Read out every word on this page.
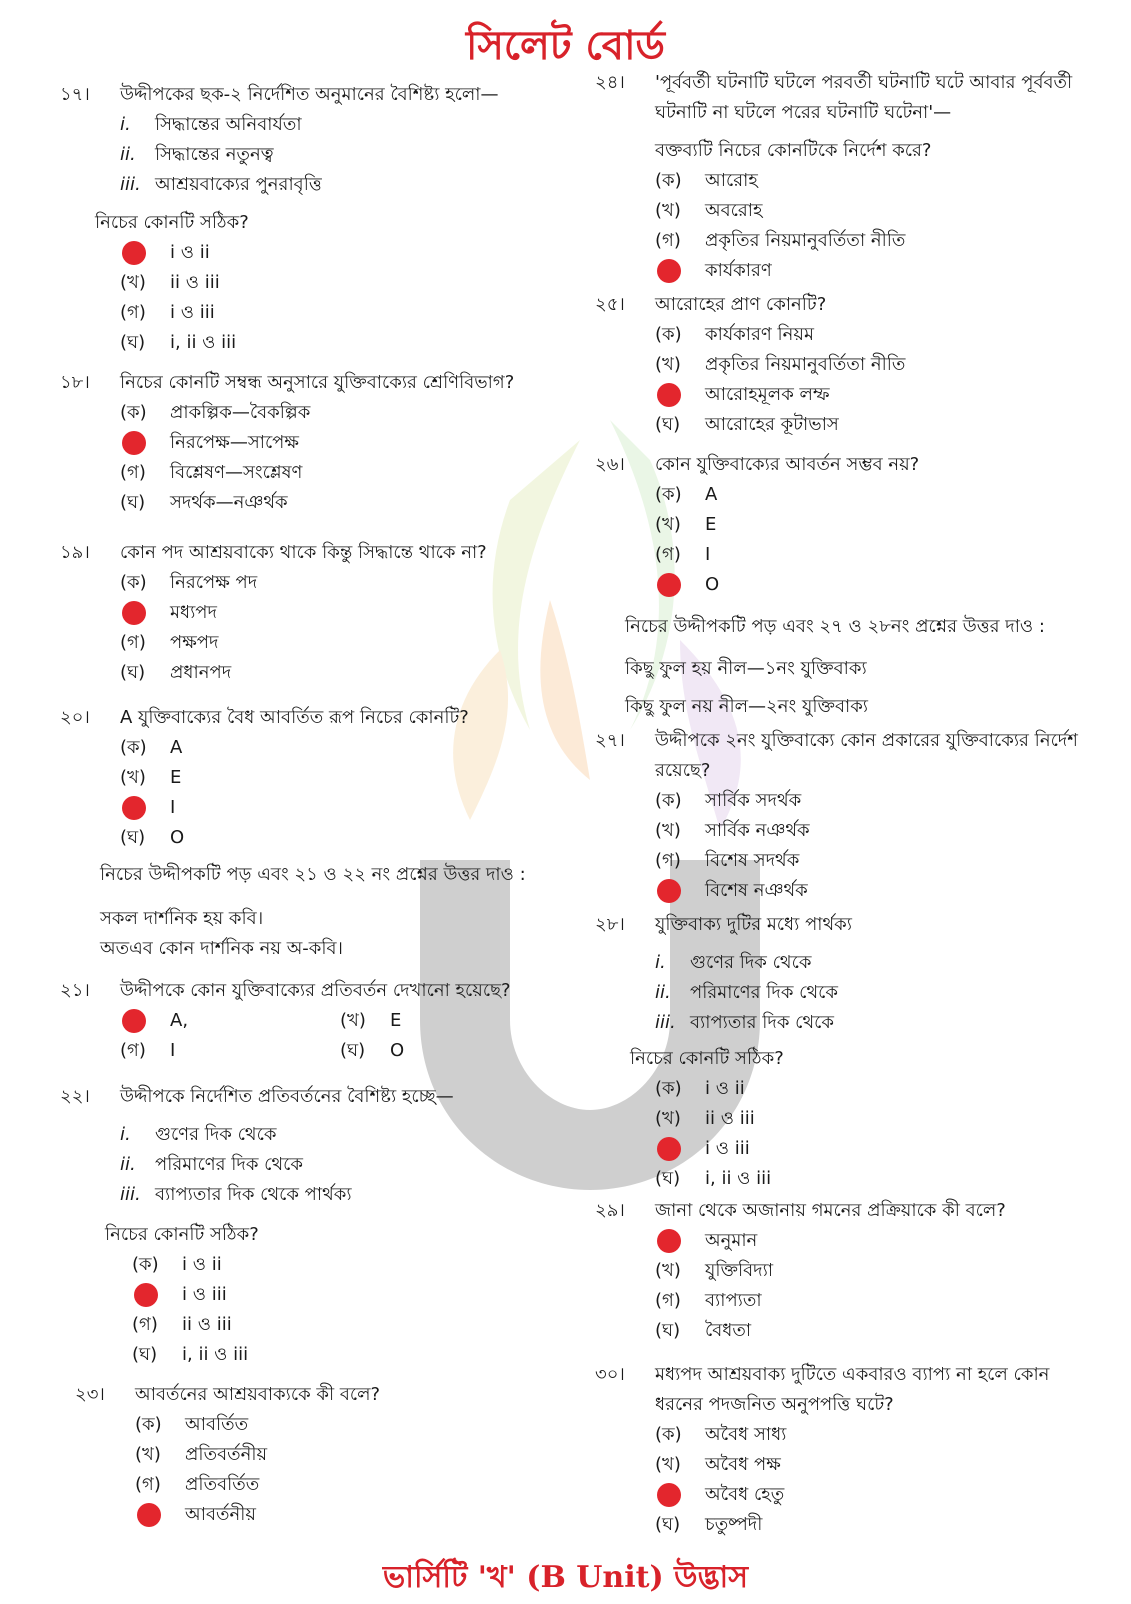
সিলেট বোর্ড
১৭। উদ্দীপকের ছক-২ নির্দেশিত অনুমানের বৈশিষ্ট্য হলো—
i. সিদ্ধান্তের অনিবার্যতা
ii. সিদ্ধান্তের নতুনত্ব
iii. আশ্রয়বাক্যের পুনরাবৃত্তি
নিচের কোনটি সঠিক?
i ও ii
(খ) ii ও iii
(গ) i ও iii
(ঘ) i, ii ও iii
১৮। নিচের কোনটি সম্বন্ধ অনুসারে যুক্তিবাক্যের শ্রেণিবিভাগ?
(ক) প্রাকল্পিক—বৈকল্পিক
নিরপেক্ষ—সাপেক্ষ
(গ) বিশ্লেষণ—সংশ্লেষণ
(ঘ) সদর্থক—নঞর্থক
১৯। কোন পদ আশ্রয়বাক্যে থাকে কিন্তু সিদ্ধান্তে থাকে না?
(ক) নিরপেক্ষ পদ
মধ্যপদ
(গ) পক্ষপদ
(ঘ) প্রধানপদ
২০। A যুক্তিবাক্যের বৈধ আবর্তিত রূপ নিচের কোনটি?
(ক) A
(খ) E
I
(ঘ) O
নিচের উদ্দীপকটি পড় এবং ২১ ও ২২ নং প্রশ্নের উত্তর দাও :
সকল দার্শনিক হয় কবি।
অতএব কোন দার্শনিক নয় অ-কবি।
২১। উদ্দীপকে কোন যুক্তিবাক্যের প্রতিবর্তন দেখানো হয়েছে?
A,	(খ) E
(গ) I	(ঘ) O
২২। উদ্দীপকে নির্দেশিত প্রতিবর্তনের বৈশিষ্ট্য হচ্ছে—
i. গুণের দিক থেকে
ii. পরিমাণের দিক থেকে
iii. ব্যাপ্যতার দিক থেকে পার্থক্য
নিচের কোনটি সঠিক?
(ক) i ও ii
i ও iii
(গ) ii ও iii
(ঘ) i, ii ও iii
২৩। আবর্তনের আশ্রয়বাক্যকে কী বলে?
(ক) আবর্তিত
(খ) প্রতিবর্তনীয়
(গ) প্রতিবর্তিত
আবর্তনীয়
২৪। 'পূর্ববর্তী ঘটনাটি ঘটলে পরবর্তী ঘটনাটি ঘটে আবার পূর্ববর্তী ঘটনাটি না ঘটলে পরের ঘটনাটি ঘটেনা'—
বক্তব্যটি নিচের কোনটিকে নির্দেশ করে?
(ক) আরোহ
(খ) অবরোহ
(গ) প্রকৃতির নিয়মানুবর্তিতা নীতি
কার্যকারণ
২৫। আরোহের প্রাণ কোনটি?
(ক) কার্যকারণ নিয়ম
(খ) প্রকৃতির নিয়মানুবর্তিতা নীতি
আরোহমূলক লম্ফ
(ঘ) আরোহের কূটাভাস
২৬। কোন যুক্তিবাক্যের আবর্তন সম্ভব নয়?
(ক) A
(খ) E
(গ) I
O
নিচের উদ্দীপকটি পড় এবং ২৭ ও ২৮নং প্রশ্নের উত্তর দাও :
কিছু ফুল হয় নীল—১নং যুক্তিবাক্য
কিছু ফুল নয় নীল—২নং যুক্তিবাক্য
২৭। উদ্দীপকে ২নং যুক্তিবাক্যে কোন প্রকারের যুক্তিবাক্যের নির্দেশ রয়েছে?
(ক) সার্বিক সদর্থক
(খ) সার্বিক নঞর্থক
(গ) বিশেষ সদর্থক
বিশেষ নঞর্থক
২৮। যুক্তিবাক্য দুটির মধ্যে পার্থক্য
i. গুণের দিক থেকে
ii. পরিমাণের দিক থেকে
iii. ব্যাপ্যতার দিক থেকে
নিচের কোনটি সঠিক?
(ক) i ও ii
(খ) ii ও iii
i ও iii
(ঘ) i, ii ও iii
২৯। জানা থেকে অজানায় গমনের প্রক্রিয়াকে কী বলে?
অনুমান
(খ) যুক্তিবিদ্যা
(গ) ব্যাপ্যতা
(ঘ) বৈধতা
৩০। মধ্যপদ আশ্রয়বাক্য দুটিতে একবারও ব্যাপ্য না হলে কোন ধরনের পদজনিত অনুপপত্তি ঘটে?
(ক) অবৈধ সাধ্য
(খ) অবৈধ পক্ষ
অবৈধ হেতু
(ঘ) চতুষ্পদী
ভার্সিটি 'খ' (B Unit) উদ্ভাস
